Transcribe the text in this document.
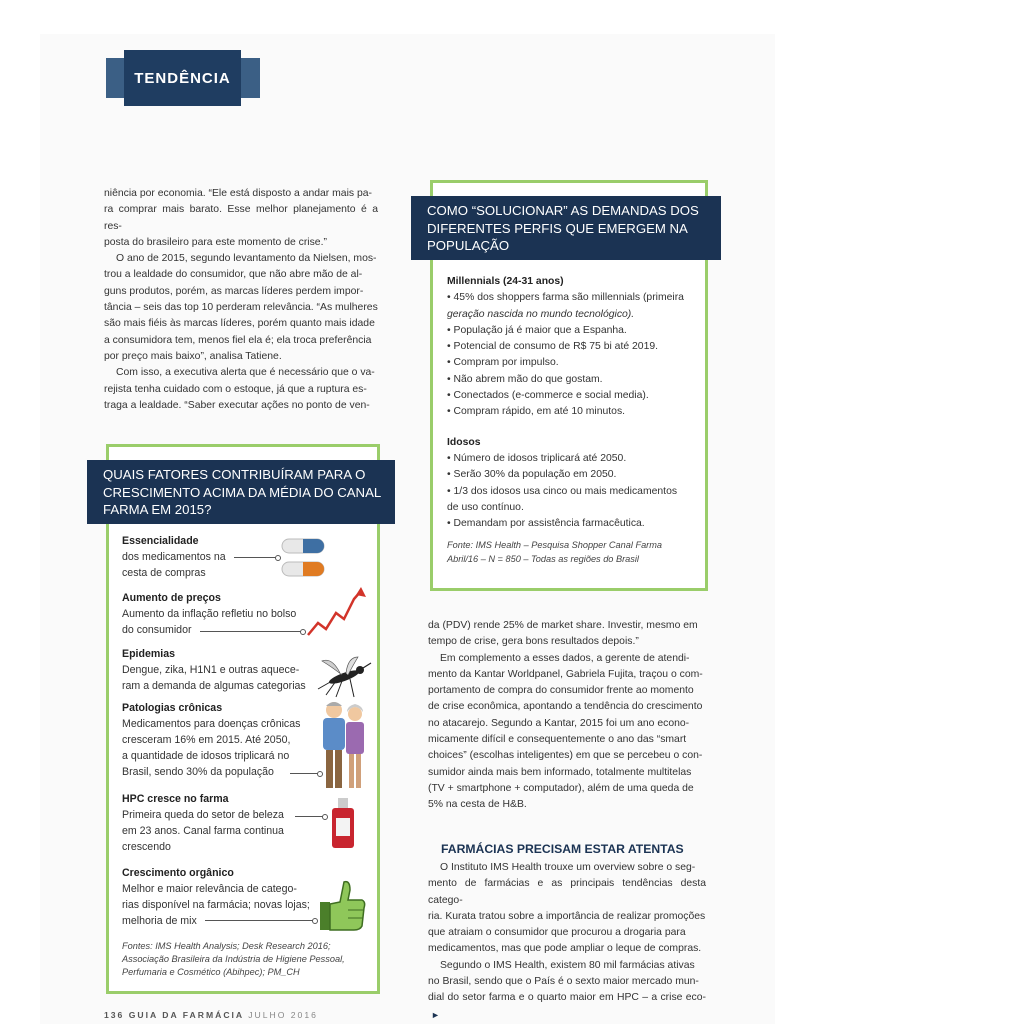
TENDÊNCIA

niência por economia. “Ele está disposto a andar mais pa-

ra comprar mais barato. Esse melhor planejamento é a res-

posta do brasileiro para este momento de crise.”

O ano de 2015, segundo levantamento da Nielsen, mos-

trou a lealdade do consumidor, que não abre mão de al-

guns produtos, porém, as marcas líderes perdem impor-

tância – seis das top 10 perderam relevância. “As mulheres

são mais fiéis às marcas líderes, porém quanto mais idade

a consumidora tem, menos fiel ela é; ela troca preferência

por preço mais baixo”, analisa Tatiene.

Com isso, a executiva alerta que é necessário que o va-

rejista tenha cuidado com o estoque, já que a ruptura es-

traga a lealdade. “Saber executar ações no ponto de ven-

QUAIS FATORES CONTRIBUÍRAM PARA O CRESCIMENTO ACIMA DA MÉDIA DO CANAL FARMA EM 2015?
Essencialidade

dos medicamentos na

cesta de compras

Aumento de preços

Aumento da inflação refletiu no bolso

do consumidor

Epidemias

Dengue, zika, H1N1 e outras aquece-

ram a demanda de algumas categorias

Patologias crônicas

Medicamentos para doenças crônicas

cresceram 16% em 2015. Até 2050,

a quantidade de idosos triplicará no

Brasil, sendo 30% da população

HPC cresce no farma

Primeira queda do setor de beleza

em 23 anos. Canal farma continua

crescendo

Crescimento orgânico

Melhor e maior relevância de catego-

rias disponível na farmácia; novas lojas;

melhoria de mix

Fontes: IMS Health Analysis; Desk Research 2016;
Associação Brasileira da Indústria de Higiene Pessoal,
Perfumaria e Cosmético (Abihpec); PM_CH
COMO “SOLUCIONAR” AS DEMANDAS DOS DIFERENTES PERFIS QUE EMERGEM NA POPULAÇÃO
Millennials (24-31 anos)

• 45% dos shoppers farma são millennials (primeira

geração nascida no mundo tecnológico).

• População já é maior que a Espanha.

• Potencial de consumo de R$ 75 bi até 2019.

• Compram por impulso.

• Não abrem mão do que gostam.

• Conectados (e-commerce e social media).

• Compram rápido, em até 10 minutos.

Idosos

• Número de idosos triplicará até 2050.

• Serão 30% da população em 2050.

• 1/3 dos idosos usa cinco ou mais medicamentos

de uso contínuo.

• Demandam por assistência farmacêutica.

Fonte: IMS Health – Pesquisa Shopper Canal Farma
Abril/16 – N = 850 – Todas as regiões do Brasil

da (PDV) rende 25% de market share. Investir, mesmo em

tempo de crise, gera bons resultados depois.”

Em complemento a esses dados, a gerente de atendi-

mento da Kantar Worldpanel, Gabriela Fujita, traçou o com-

portamento de compra do consumidor frente ao momento

de crise econômica, apontando a tendência do crescimento

no atacarejo. Segundo a Kantar, 2015 foi um ano econo-

micamente difícil e consequentemente o ano das “smart

choices” (escolhas inteligentes) em que se percebeu o con-

sumidor ainda mais bem informado, totalmente multitelas

(TV + smartphone + computador), além de uma queda de

5% na cesta de H&B.

FARMÁCIAS PRECISAM ESTAR ATENTAS

O Instituto IMS Health trouxe um overview sobre o seg-

mento de farmácias e as principais tendências desta catego-

ria. Kurata tratou sobre a importância de realizar promoções

que atraiam o consumidor que procurou a drogaria para

medicamentos, mas que pode ampliar o leque de compras.

Segundo o IMS Health, existem 80 mil farmácias ativas

no Brasil, sendo que o País é o sexto maior mercado mun-

dial do setor farma e o quarto maior em HPC – a crise eco-►

136 GUIA DA FARMÁCIA JULHO 2016
